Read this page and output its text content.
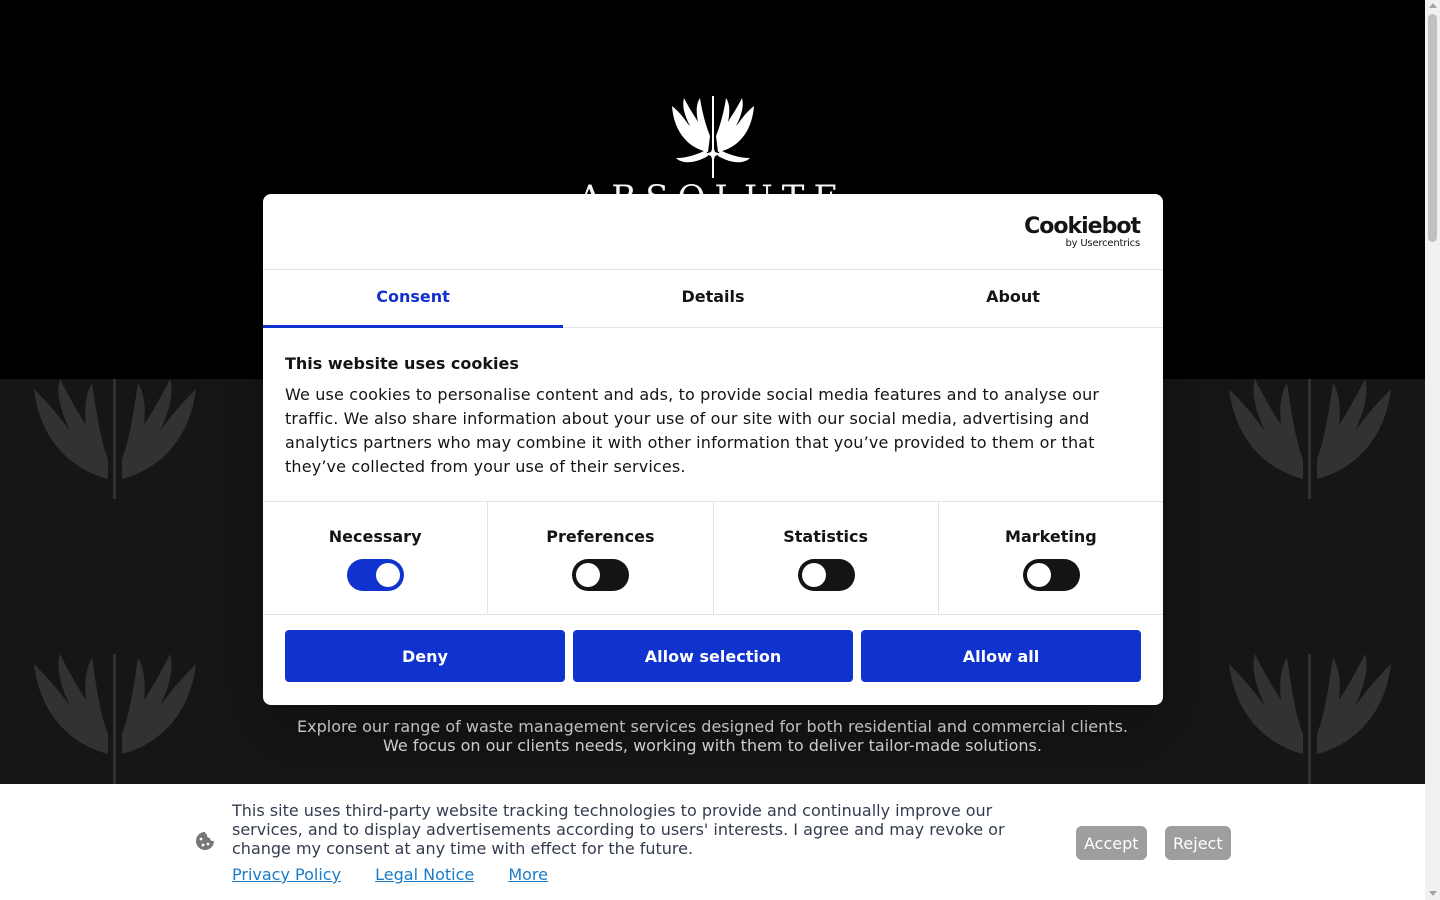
Explore our range of waste management services designed for both residential and commercial clients.
We focus on our clients needs, working with them to deliver tailor-made solutions.
Cookiebot
by Usercentrics
Consent	Details	About
This website uses cookies

We use cookies to personalise content and ads, to provide social media features and to analyse our traffic. We also share information about your use of our site with our social media, advertising and analytics partners who may combine it with other information that you’ve provided to them or that they’ve collected from your use of their services.

Necessary	Preferences	Statistics	Marketing
Deny	Allow selection	Allow all
This site uses third-party website tracking technologies to provide and continually improve our services, and to display advertisements according to users' interests. I agree and may revoke or change my consent at any time with effect for the future.
Privacy Policy Legal Notice More
Accept	Reject
